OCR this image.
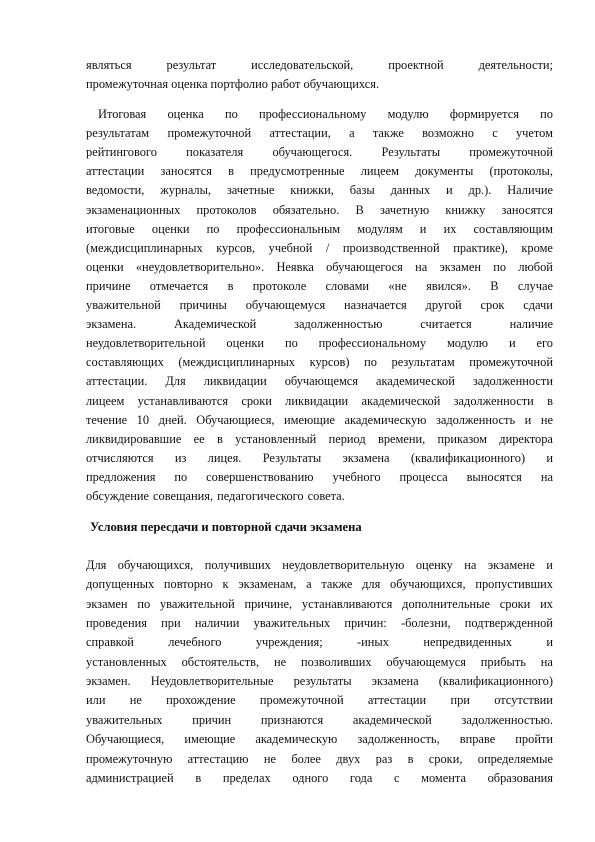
являться	результат	исследовательской,	проектной	деятельности;
промежуточная оценка портфолио работ обучающихся.
Итоговая оценка по профессиональному модулю формируется по
результатам промежуточной аттестации, а также возможно с учетом
рейтингового показателя обучающегося. Результаты промежуточной
аттестации заносятся в предусмотренные лицеем документы (протоколы,
ведомости, журналы, зачетные книжки, базы данных и др.). Наличие
экзаменационных протоколов обязательно. В зачетную книжку заносятся
итоговые оценки по профессиональным модулям и их составляющим
(междисциплинарных курсов, учебной / производственной практике), кроме
оценки «неудовлетворительно». Неявка обучающегося на экзамен по любой
причине отмечается в протоколе словами «не явился». В случае
уважительной причины обучающемуся назначается другой срок сдачи
экзамена.	Академической	задолженностью	считается	наличие
неудовлетворительной оценки по профессиональному модулю и его
составляющих (междисциплинарных курсов) по результатам промежуточной
аттестации. Для ликвидации обучающемся академической задолженности
лицеем устанавливаются сроки ликвидации академической задолженности в
течение 10 дней. Обучающиеся, имеющие академическую задолженность и не
ликвидировавшие ее в установленный период времени, приказом директора
отчисляются из лицея. Результаты экзамена (квалификационного) и
предложения по совершенствованию учебного процесса выносятся на
обсуждение совещания, педагогического совета.
Условия пересдачи и повторной сдачи экзамена
Для обучающихся, получивших неудовлетворительную оценку на экзамене и
допущенных повторно к экзаменам, а также для обучающихся, пропустивших
экзамен по уважительной причине, устанавливаются дополнительные сроки их
проведения при наличии уважительных причин: -болезни, подтвержденной
справкой	лечебного	учреждения;	-иных	непредвиденных	и
установленных обстоятельств, не позволивших обучающемуся прибыть на
экзамен. Неудовлетворительные результаты экзамена (квалификационного)
или не прохождение промежуточной аттестации при отсутствии
уважительных причин признаются академической задолженностью.
Обучающиеся, имеющие академическую задолженность, вправе пройти
промежуточную аттестацию не более двух раз в сроки, определяемые
администрацией в пределах одного года с момента образования
